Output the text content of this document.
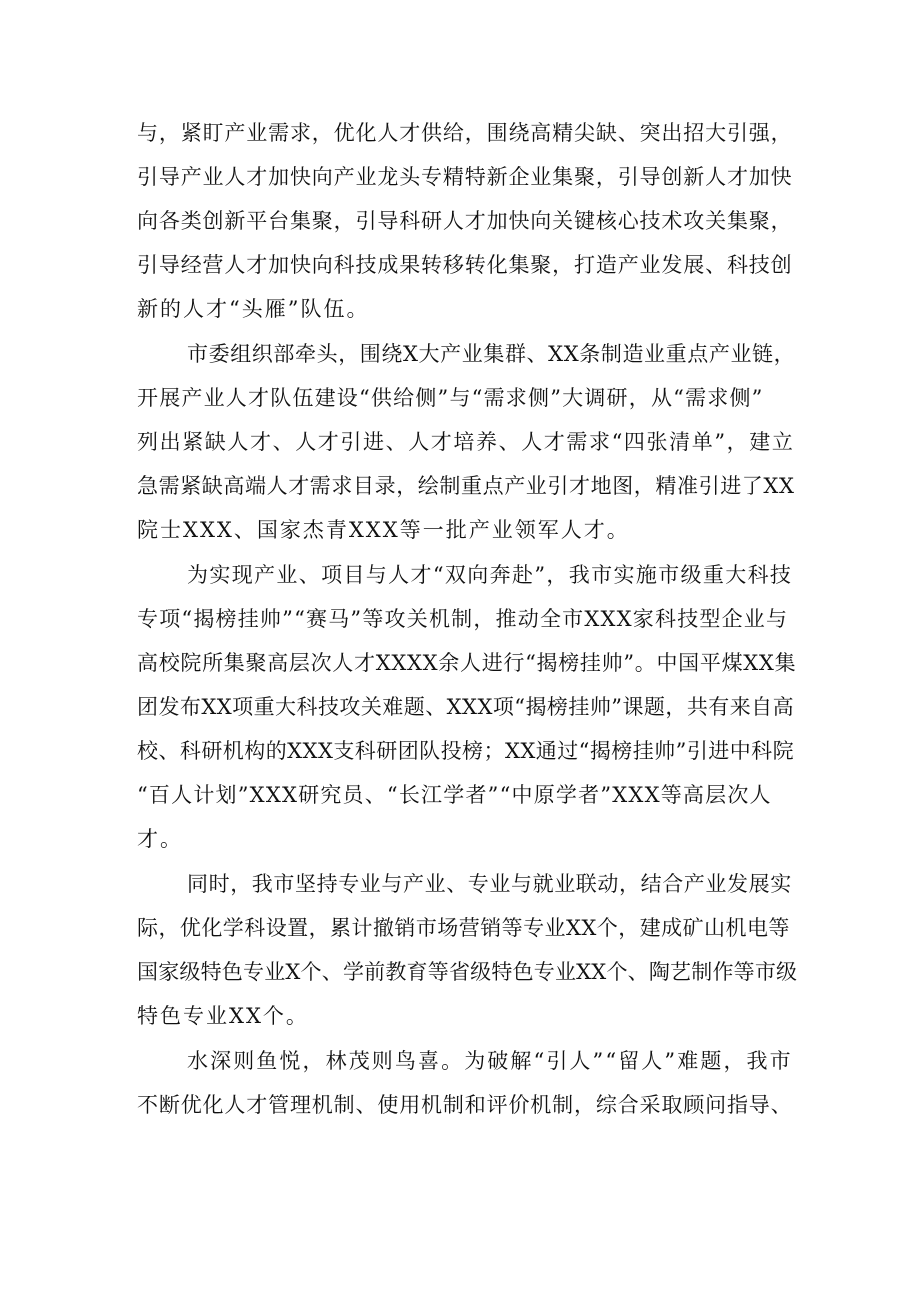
与，紧盯产业需求，优化人才供给，围绕高精尖缺、突出招大引强，
引导产业人才加快向产业龙头专精特新企业集聚，引导创新人才加快
向各类创新平台集聚，引导科研人才加快向关键核心技术攻关集聚，
引导经营人才加快向科技成果转移转化集聚，打造产业发展、科技创
新的人才“头雁”队伍。
市委组织部牵头，围绕X大产业集群、XX条制造业重点产业链，
开展产业人才队伍建设“供给侧”与“需求侧”大调研，从“需求侧”
列出紧缺人才、人才引进、人才培养、人才需求“四张清单”，建立
急需紧缺高端人才需求目录，绘制重点产业引才地图，精准引进了XX
院士XXX、国家杰青XXX等一批产业领军人才。
为实现产业、项目与人才“双向奔赴”，我市实施市级重大科技
专项“揭榜挂帅”“赛马”等攻关机制，推动全市XXX家科技型企业与
高校院所集聚高层次人才XXXX余人进行“揭榜挂帅”。中国平煤XX集
团发布XX项重大科技攻关难题、XXX项“揭榜挂帅”课题，共有来自高
校、科研机构的XXX支科研团队投榜；XX通过“揭榜挂帅”引进中科院
“百人计划”XXX研究员、“长江学者”“中原学者”XXX等高层次人
才。
同时，我市坚持专业与产业、专业与就业联动，结合产业发展实
际，优化学科设置，累计撤销市场营销等专业XX个，建成矿山机电等
国家级特色专业X个、学前教育等省级特色专业XX个、陶艺制作等市级
特色专业XX个。
水深则鱼悦，林茂则鸟喜。为破解“引人”“留人”难题，我市
不断优化人才管理机制、使用机制和评价机制，综合采取顾问指导、
